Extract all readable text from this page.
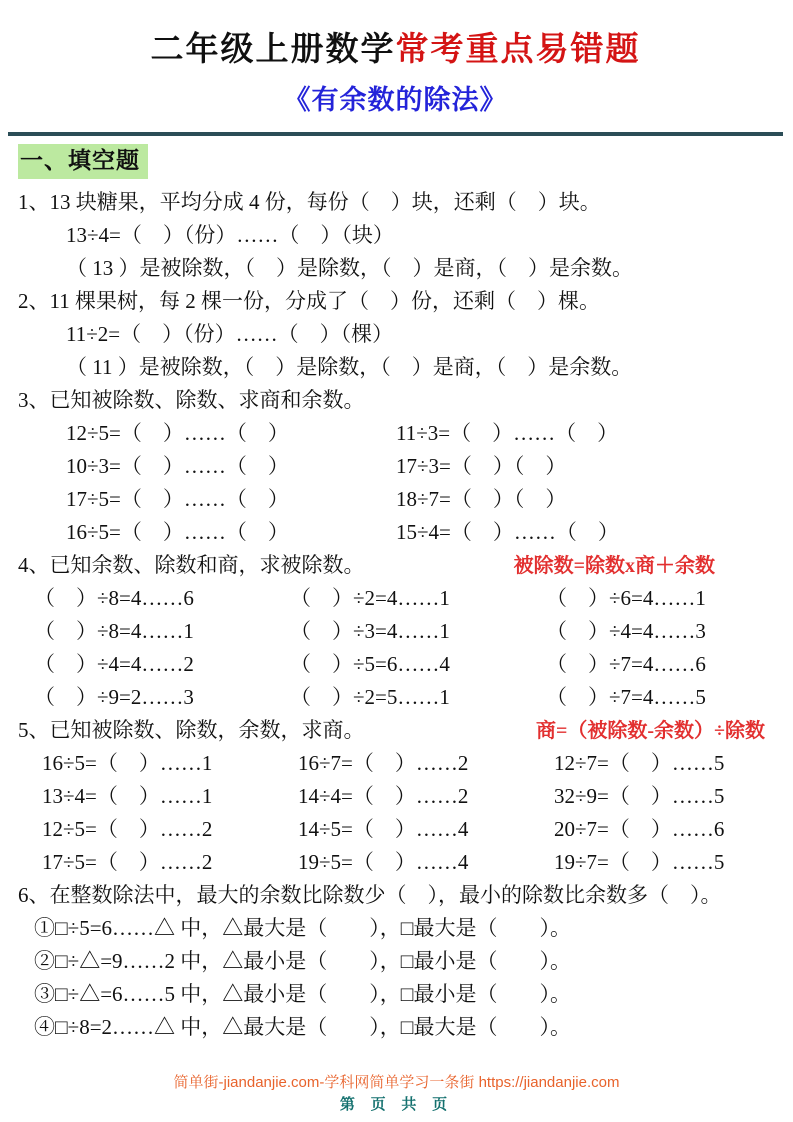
二年级上册数学常考重点易错题
《有余数的除法》
一、填空题

1、13 块糖果，平均分成 4 份，每份（　）块，还剩（　）块。

13÷4=（　）（份）……（　）（块）

（ 13 ）是被除数，（　）是除数，（　）是商，（　）是余数。

2、11 棵果树，每 2 棵一份，分成了（　）份，还剩（　）棵。

11÷2=（　）（份）……（　）（棵）

（ 11 ）是被除数，（　）是除数，（　）是商，（　）是余数。

3、已知被除数、除数、求商和余数。

12÷5=（　）……（　）	11÷3=（　）……（　）
10÷3=（　）……（　）	17÷3=（　）（　）
17÷5=（　）……（　）	18÷7=（　）（　）
16÷5=（　）……（　）	15÷4=（　）……（　）
4、已知余数、除数和商，求被除数。	被除数=除数x商＋余数
（　）÷8=4……6	（　）÷2=4……1	（　）÷6=4……1
（　）÷8=4……1	（　）÷3=4……1	（　）÷4=4……3
（　）÷4=4……2	（　）÷5=6……4	（　）÷7=4……6
（　）÷9=2……3	（　）÷2=5……1	（　）÷7=4……5
5、已知被除数、除数，余数，求商。	商=（被除数-余数）÷除数
16÷5=（　）……1	16÷7=（　）……2	12÷7=（　）……5
13÷4=（　）……1	14÷4=（　）……2	32÷9=（　）……5
12÷5=（　）……2	14÷5=（　）……4	20÷7=（　）……6
17÷5=（　）……2	19÷5=（　）……4	19÷7=（　）……5

6、在整数除法中，最大的余数比除数少（　），最小的除数比余数多（　）。

①□÷5=6……△ 中，△最大是（　　），□最大是（　　）。

②□÷△=9……2 中，△最小是（　　），□最小是（　　）。

③□÷△=6……5 中，△最小是（　　），□最小是（　　）。

④□÷8=2……△ 中，△最大是（　　），□最大是（　　）。

简单街-jiandanjie.com-学科网简单学习一条街 https://jiandanjie.com
第 页 共 页
